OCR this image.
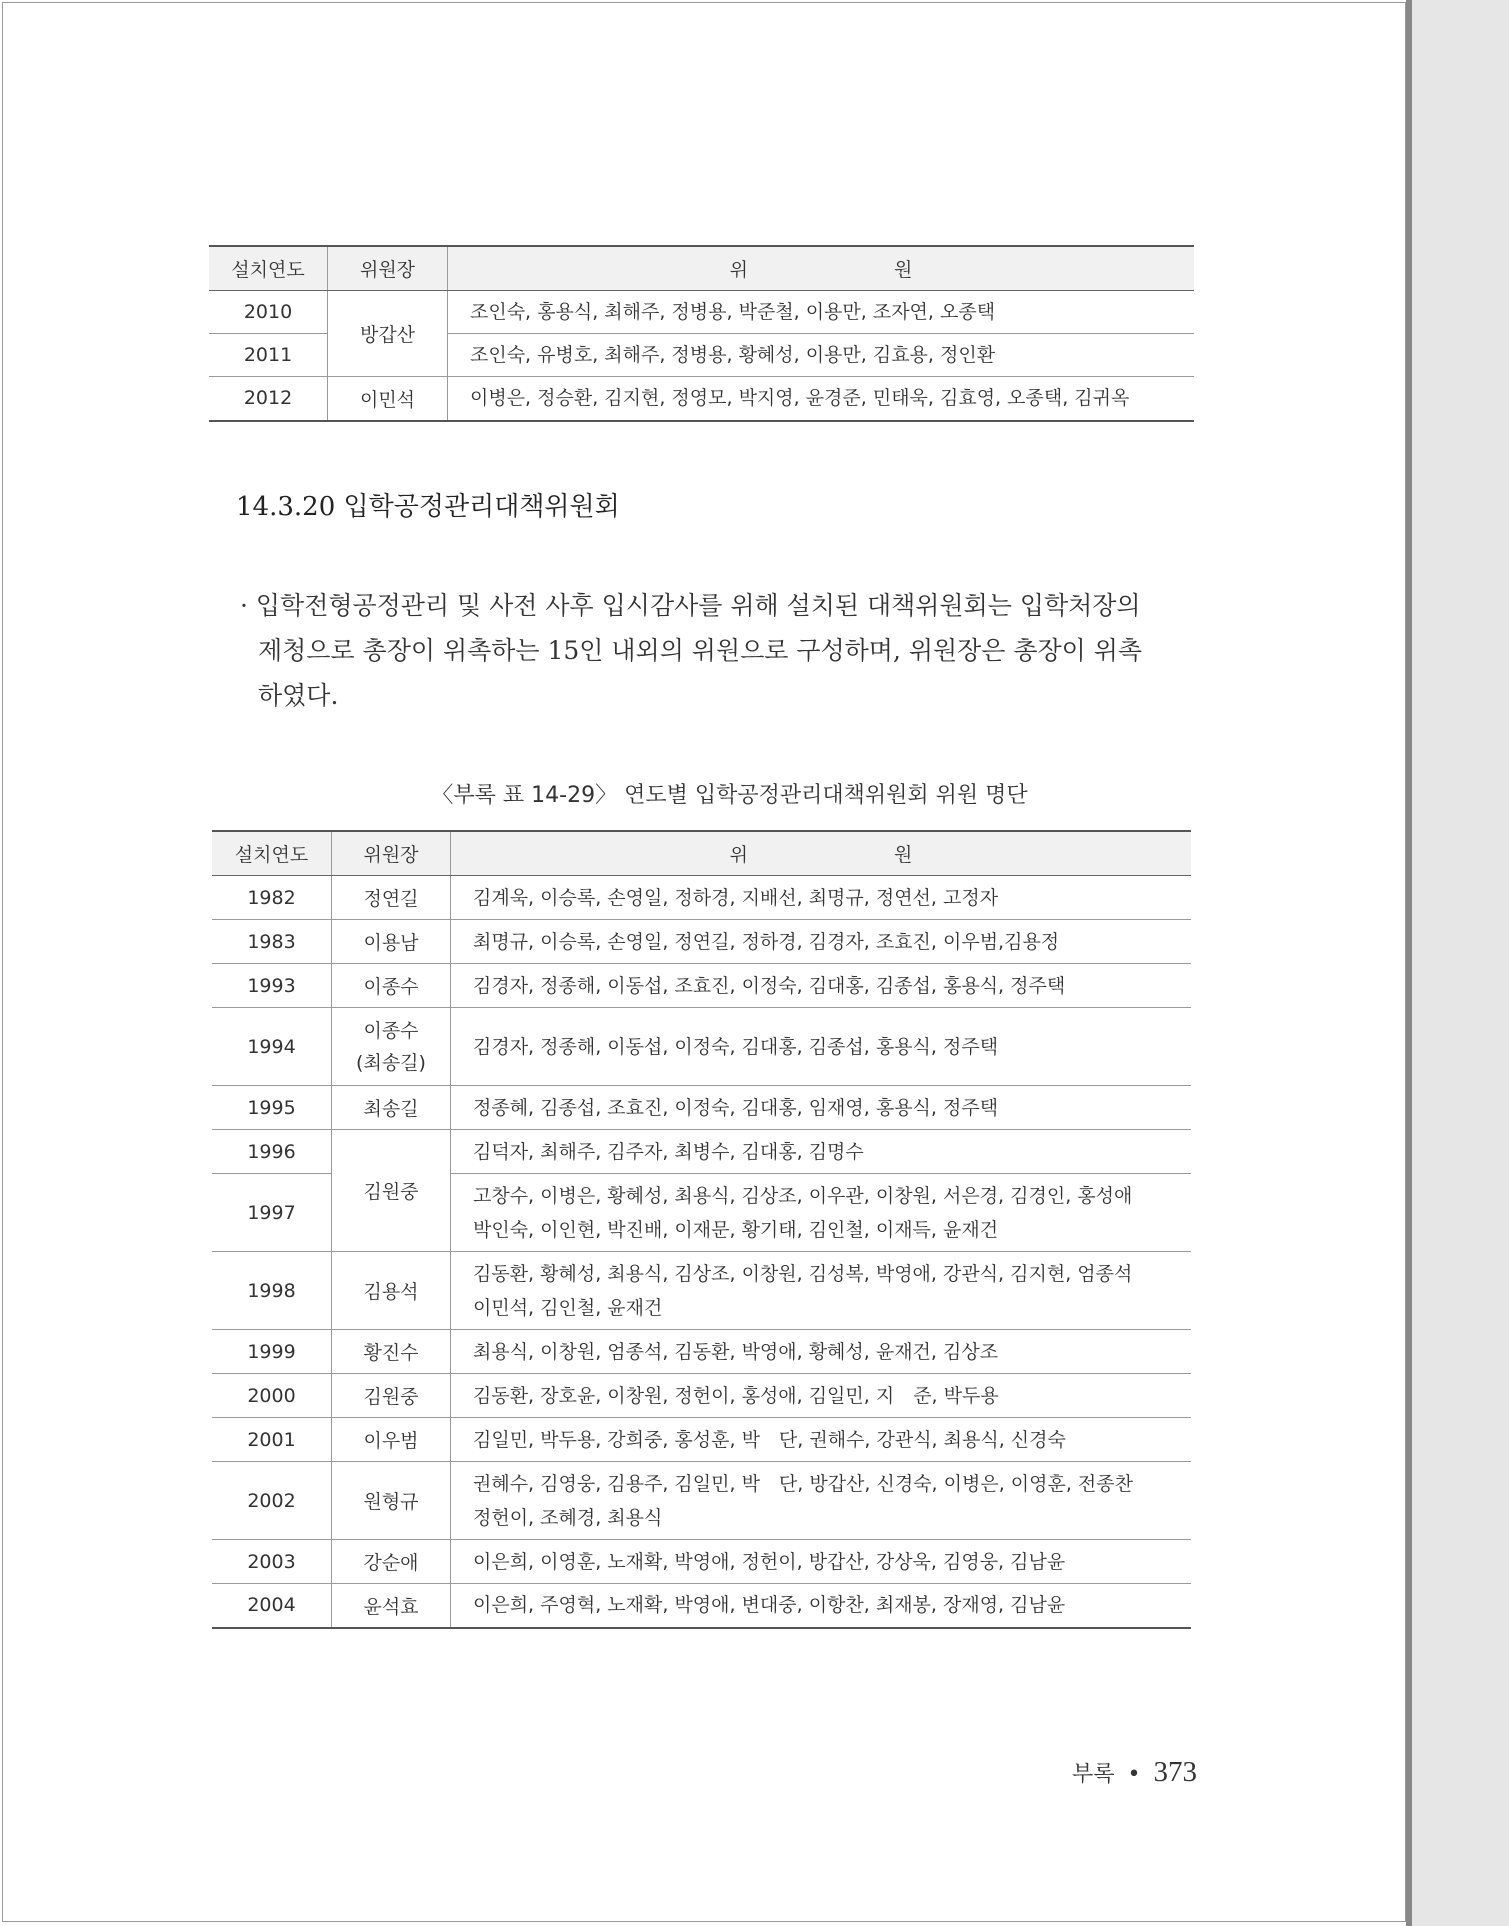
설치연도	위원장	위 원
2010	방갑산	조인숙, 홍용식, 최해주, 정병용, 박준철, 이용만, 조자연, 오종택
2011		조인숙, 유병호, 최해주, 정병용, 황혜성, 이용만, 김효용, 정인환
2012	이민석	이병은, 정승환, 김지현, 정영모, 박지영, 윤경준, 민태욱, 김효영, 오종택, 김귀옥
14.3.20 입학공정관리대책위원회
· 입학전형공정관리 및 사전 사후 입시감사를 위해 설치된 대책위원회는 입학처장의
제청으로 총장이 위촉하는 15인 내외의 위원으로 구성하며, 위원장은 총장이 위촉
하였다.
〈부록 표 14-29〉 연도별 입학공정관리대책위원회 위원 명단
설치연도	위원장	위 원
1982	정연길	김계욱, 이승록, 손영일, 정하경, 지배선, 최명규, 정연선, 고정자

1983	이용남	최명규, 이승록, 손영일, 정연길, 정하경, 김경자, 조효진, 이우범,김용정

1993	이종수	김경자, 정종해, 이동섭, 조효진, 이정숙, 김대홍, 김종섭, 홍용식, 정주택

1994	이종수
(최송길)	김경자, 정종해, 이동섭, 이정숙, 김대홍, 김종섭, 홍용식, 정주택

1995	최송길	정종혜, 김종섭, 조효진, 이정숙, 김대홍, 임재영, 홍용식, 정주택

1996	김원중	김덕자, 최해주, 김주자, 최병수, 김대홍, 김명수

1997		고창수, 이병은, 황혜성, 최용식, 김상조, 이우관, 이창원, 서은경, 김경인, 홍성애
박인숙, 이인현, 박진배, 이재문, 황기태, 김인철, 이재득, 윤재건

1998	김용석	김동환, 황혜성, 최용식, 김상조, 이창원, 김성복, 박영애, 강관식, 김지현, 엄종석
이민석, 김인철, 윤재건

1999	황진수	최용식, 이창원, 엄종석, 김동환, 박영애, 황혜성, 윤재건, 김상조

2000	김원중	김동환, 장호윤, 이창원, 정헌이, 홍성애, 김일민, 지　준, 박두용

2001	이우범	김일민, 박두용, 강희중, 홍성훈, 박　단, 권해수, 강관식, 최용식, 신경숙

2002	원형규	권혜수, 김영웅, 김용주, 김일민, 박　단, 방갑산, 신경숙, 이병은, 이영훈, 전종찬
정헌이, 조혜경, 최용식

2003	강순애	이은희, 이영훈, 노재확, 박영애, 정헌이, 방갑산, 강상욱, 김영웅, 김남윤

2004	윤석효	이은희, 주영혁, 노재확, 박영애, 변대중, 이항찬, 최재봉, 장재영, 김남윤
부록 • 373
